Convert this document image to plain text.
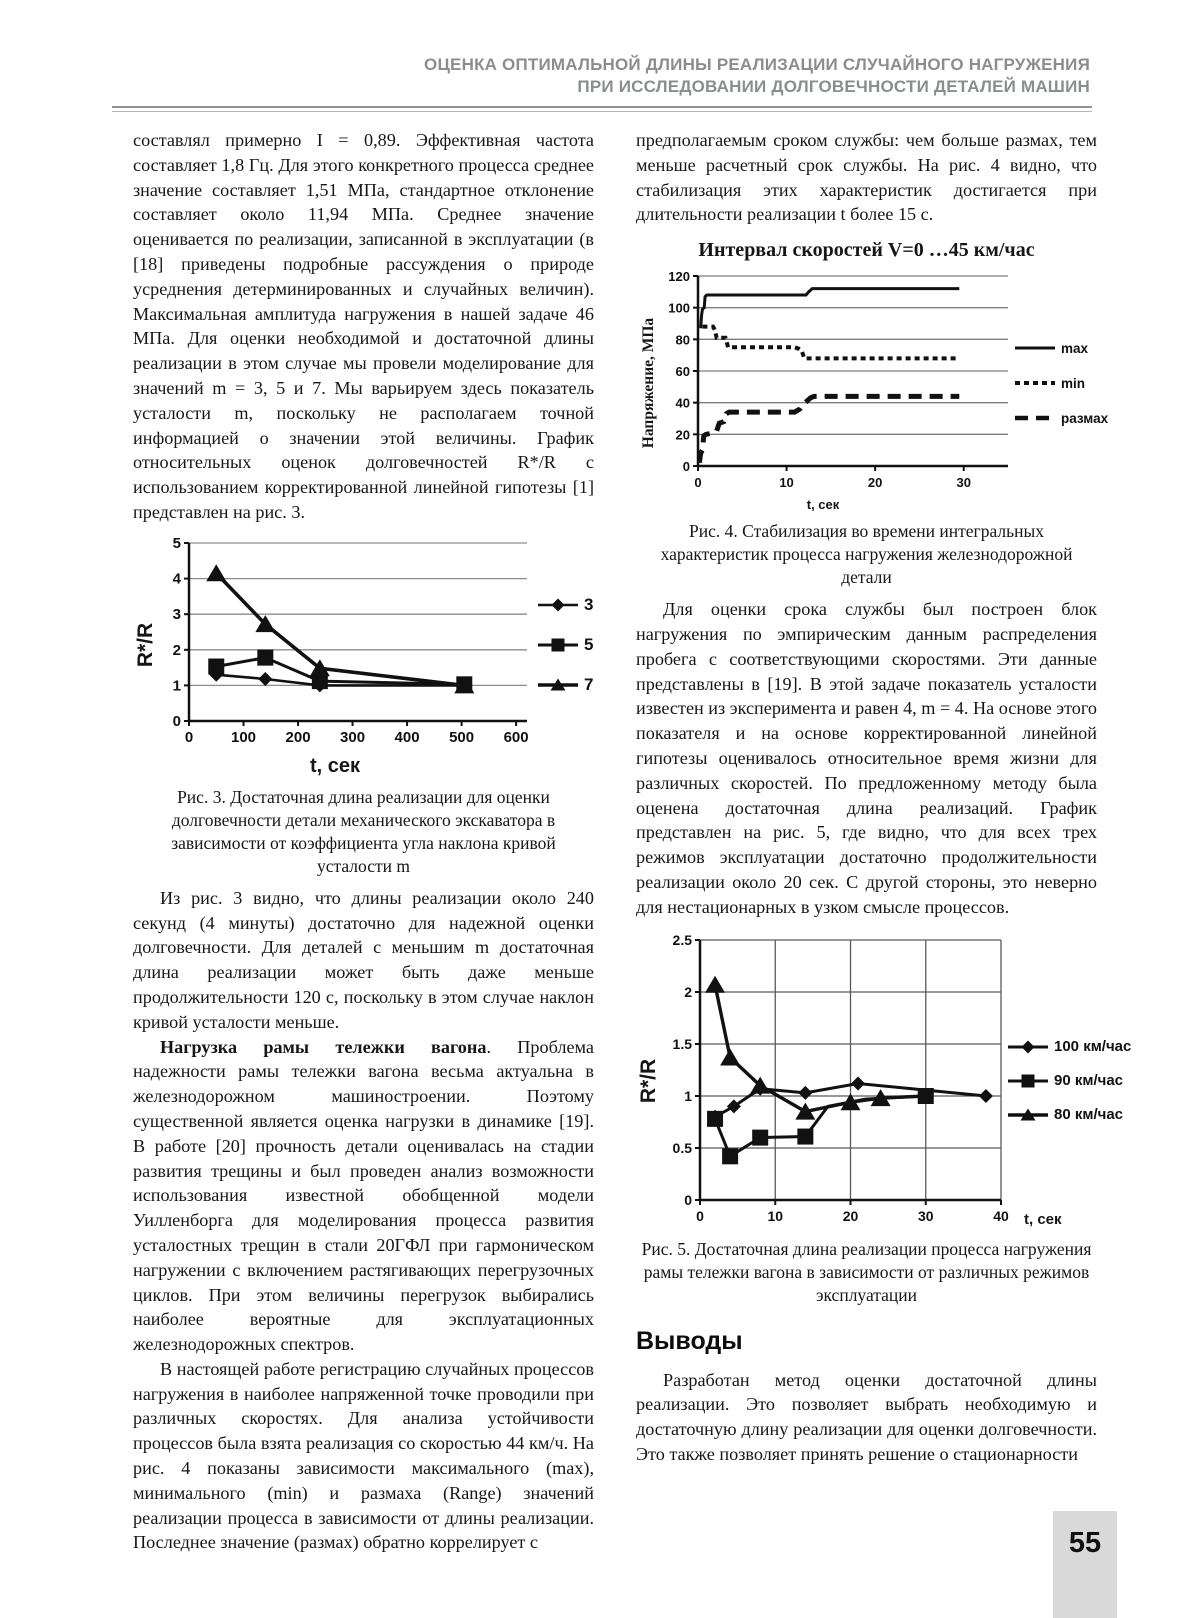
ОЦЕНКА ОПТИМАЛЬНОЙ ДЛИНЫ РЕАЛИЗАЦИИ СЛУЧАЙНОГО НАГРУЖЕНИЯ
ПРИ ИССЛЕДОВАНИИ ДОЛГОВЕЧНОСТИ ДЕТАЛЕЙ МАШИН

составлял примерно I = 0,89. Эффективная частота составляет 1,8 Гц. Для этого конкретного процесса среднее значение составляет 1,51 МПа, стандартное отклонение составляет около 11,94 МПа. Среднее значение оценивается по реализации, записанной в эксплуатации (в [18] приведены подробные рассуждения о природе усреднения детерминированных и случайных величин). Максимальная амплитуда нагружения в нашей задаче 46 МПа. Для оценки необходимой и достаточной длины реализации в этом случае мы провели моделирование для значений m = 3, 5 и 7. Мы варьируем здесь показатель усталости m, поскольку не располагаем точной информацией о значении этой величины. График относительных оценок долговечностей R*/R с использованием корректированной линейной гипотезы [1] представлен на рис. 3.

R*/R
0	100 200 300 400 500 600
0
1
2
3
4
5
3
5
7
t, сек
Рис. 3. Достаточная длина реализации для оценки долговечности детали механического экскаватора в зависимости от коэффициента угла наклона кривой усталости m

Из рис. 3 видно, что длины реализации около 240 секунд (4 минуты) достаточно для надежной оценки долговечности. Для деталей с меньшим m достаточная длина реализации может быть даже меньше продолжительности 120 с, поскольку в этом случае наклон кривой усталости меньше.

Нагрузка рамы тележки вагона. Проблема надежности рамы тележки вагона весьма актуальна в железнодорожном машиностроении. Поэтому существенной является оценка нагрузки в динамике [19]. В работе [20] прочность детали оценивалась на стадии развития трещины и был проведен анализ возможности использования известной обобщенной модели Уилленборга для моделирования процесса развития усталостных трещин в стали 20ГФЛ при гармоническом нагружении с включением растягивающих перегрузочных циклов. При этом величины перегрузок выбирались наиболее вероятные для эксплуатационных железнодорожных спектров.

В настоящей работе регистрацию случайных процессов нагружения в наиболее напряженной точке проводили при различных скоростях. Для анализа устойчивости процессов была взята реализация со скоростью 44 км/ч. На рис. 4 показаны зависимости максимального (max), минимального (min) и размаха (Range) значений реализации процесса в зависимости от длины реализации. Последнее значение (размах) обратно коррелирует с

предполагаемым сроком службы: чем больше размах, тем меньше расчетный срок службы. На рис. 4 видно, что стабилизация этих характеристик достигается при длительности реализации t более 15 с.

Интервал скоростей V=0 …45 км/час
Напряжение, МПа
0	10	20	30
0
20
40
60
80
100
120
max
min
размах
t, сек
Рис. 4. Стабилизация во времени интегральных характеристик процесса нагружения железнодорожной детали

Для оценки срока службы был построен блок нагружения по эмпирическим данным распределения пробега с соответствующими скоростями. Эти данные представлены в [19]. В этой задаче показатель усталости известен из эксперимента и равен 4, m = 4. На основе этого показателя и на основе корректированной линейной гипотезы оценивалось относительное время жизни для различных скоростей. По предложенному методу была оценена достаточная длина реализаций. График представлен на рис. 5, где видно, что для всех трех режимов эксплуатации достаточно продолжительности реализации около 20 сек. С другой стороны, это неверно для нестационарных в узком смысле процессов.

R*/R
0	10	20	30	40
0
0.5
1
1.5
2
2.5
100 км/час
90 км/час
80 км/час
t, сек
Рис. 5. Достаточная длина реализации процесса нагружения рамы тележки вагона в зависимости от различных режимов эксплуатации
Выводы

Разработан метод оценки достаточной длины реализации. Это позволяет выбрать необходимую и достаточную длину реализации для оценки долговечности. Это также позволяет принять решение о стационарности

55
